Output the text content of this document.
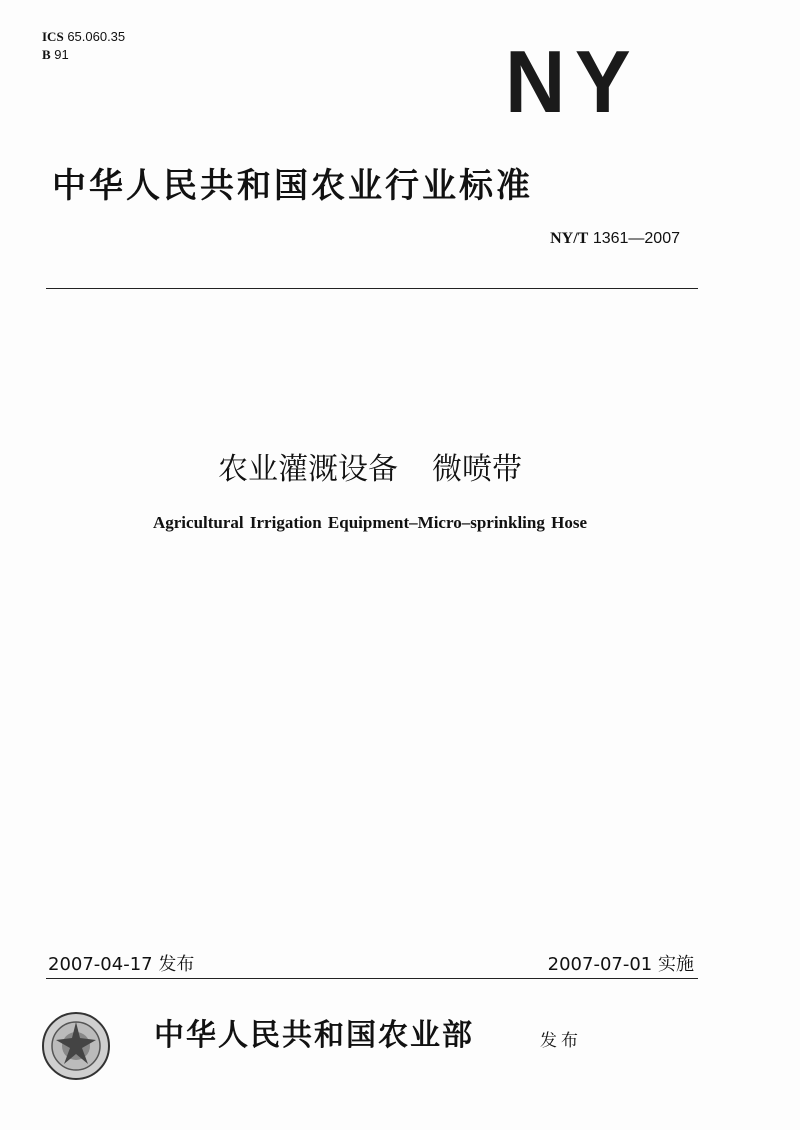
ICS 65.060.35
B 91	NY
中华人民共和国农业行业标准
NY/T 1361—2007
农业灌溉设备 微喷带
Agricultural Irrigation Equipment–Micro–sprinkling Hose
2007-04-17 发布	2007-07-01 实施
中华人民共和国农业部	发布
